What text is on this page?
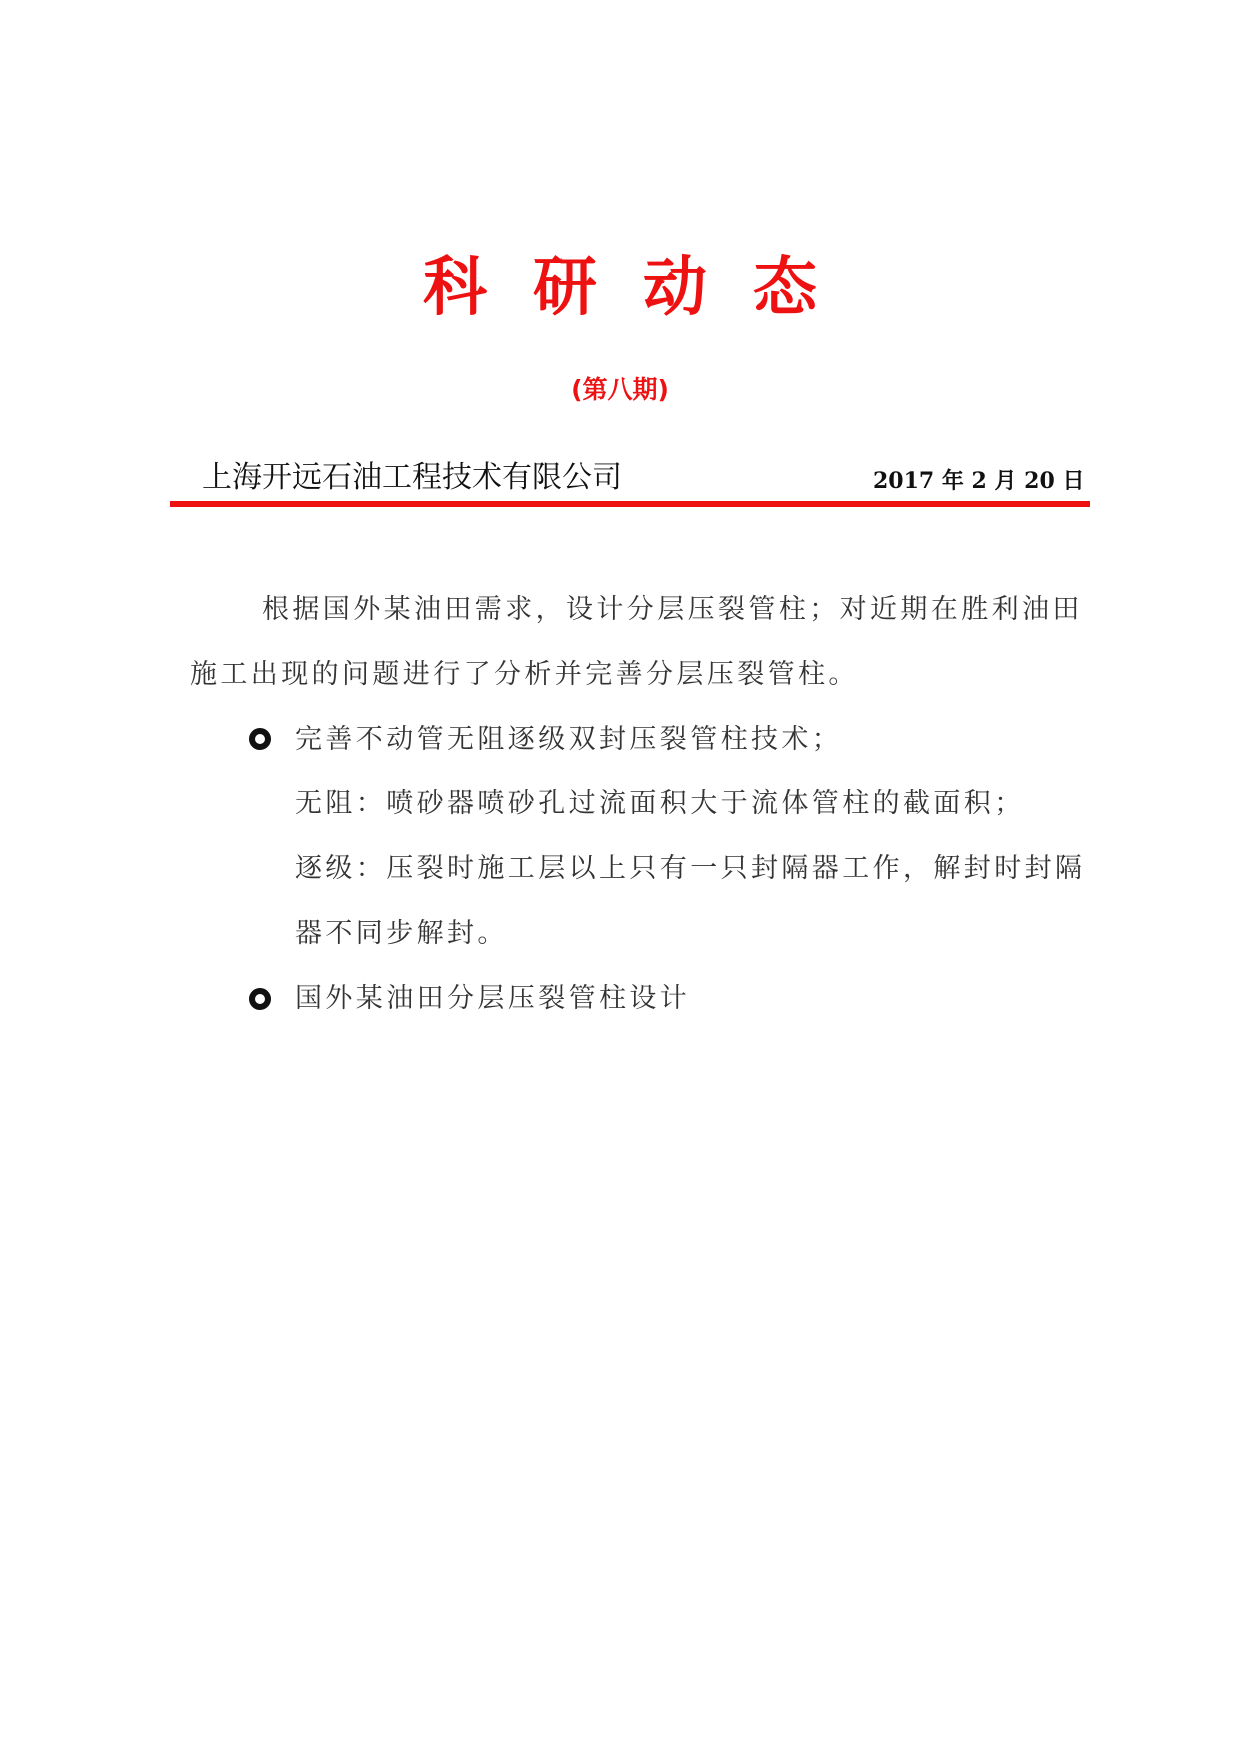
科研动态
(第八期)
上海开远石油工程技术有限公司	2017 年 2 月 20 日
根据国外某油田需求，设计分层压裂管柱；对近期在胜利油田
施工出现的问题进行了分析并完善分层压裂管柱。
完善不动管无阻逐级双封压裂管柱技术；
无阻：喷砂器喷砂孔过流面积大于流体管柱的截面积；
逐级：压裂时施工层以上只有一只封隔器工作，解封时封隔
器不同步解封。
国外某油田分层压裂管柱设计
